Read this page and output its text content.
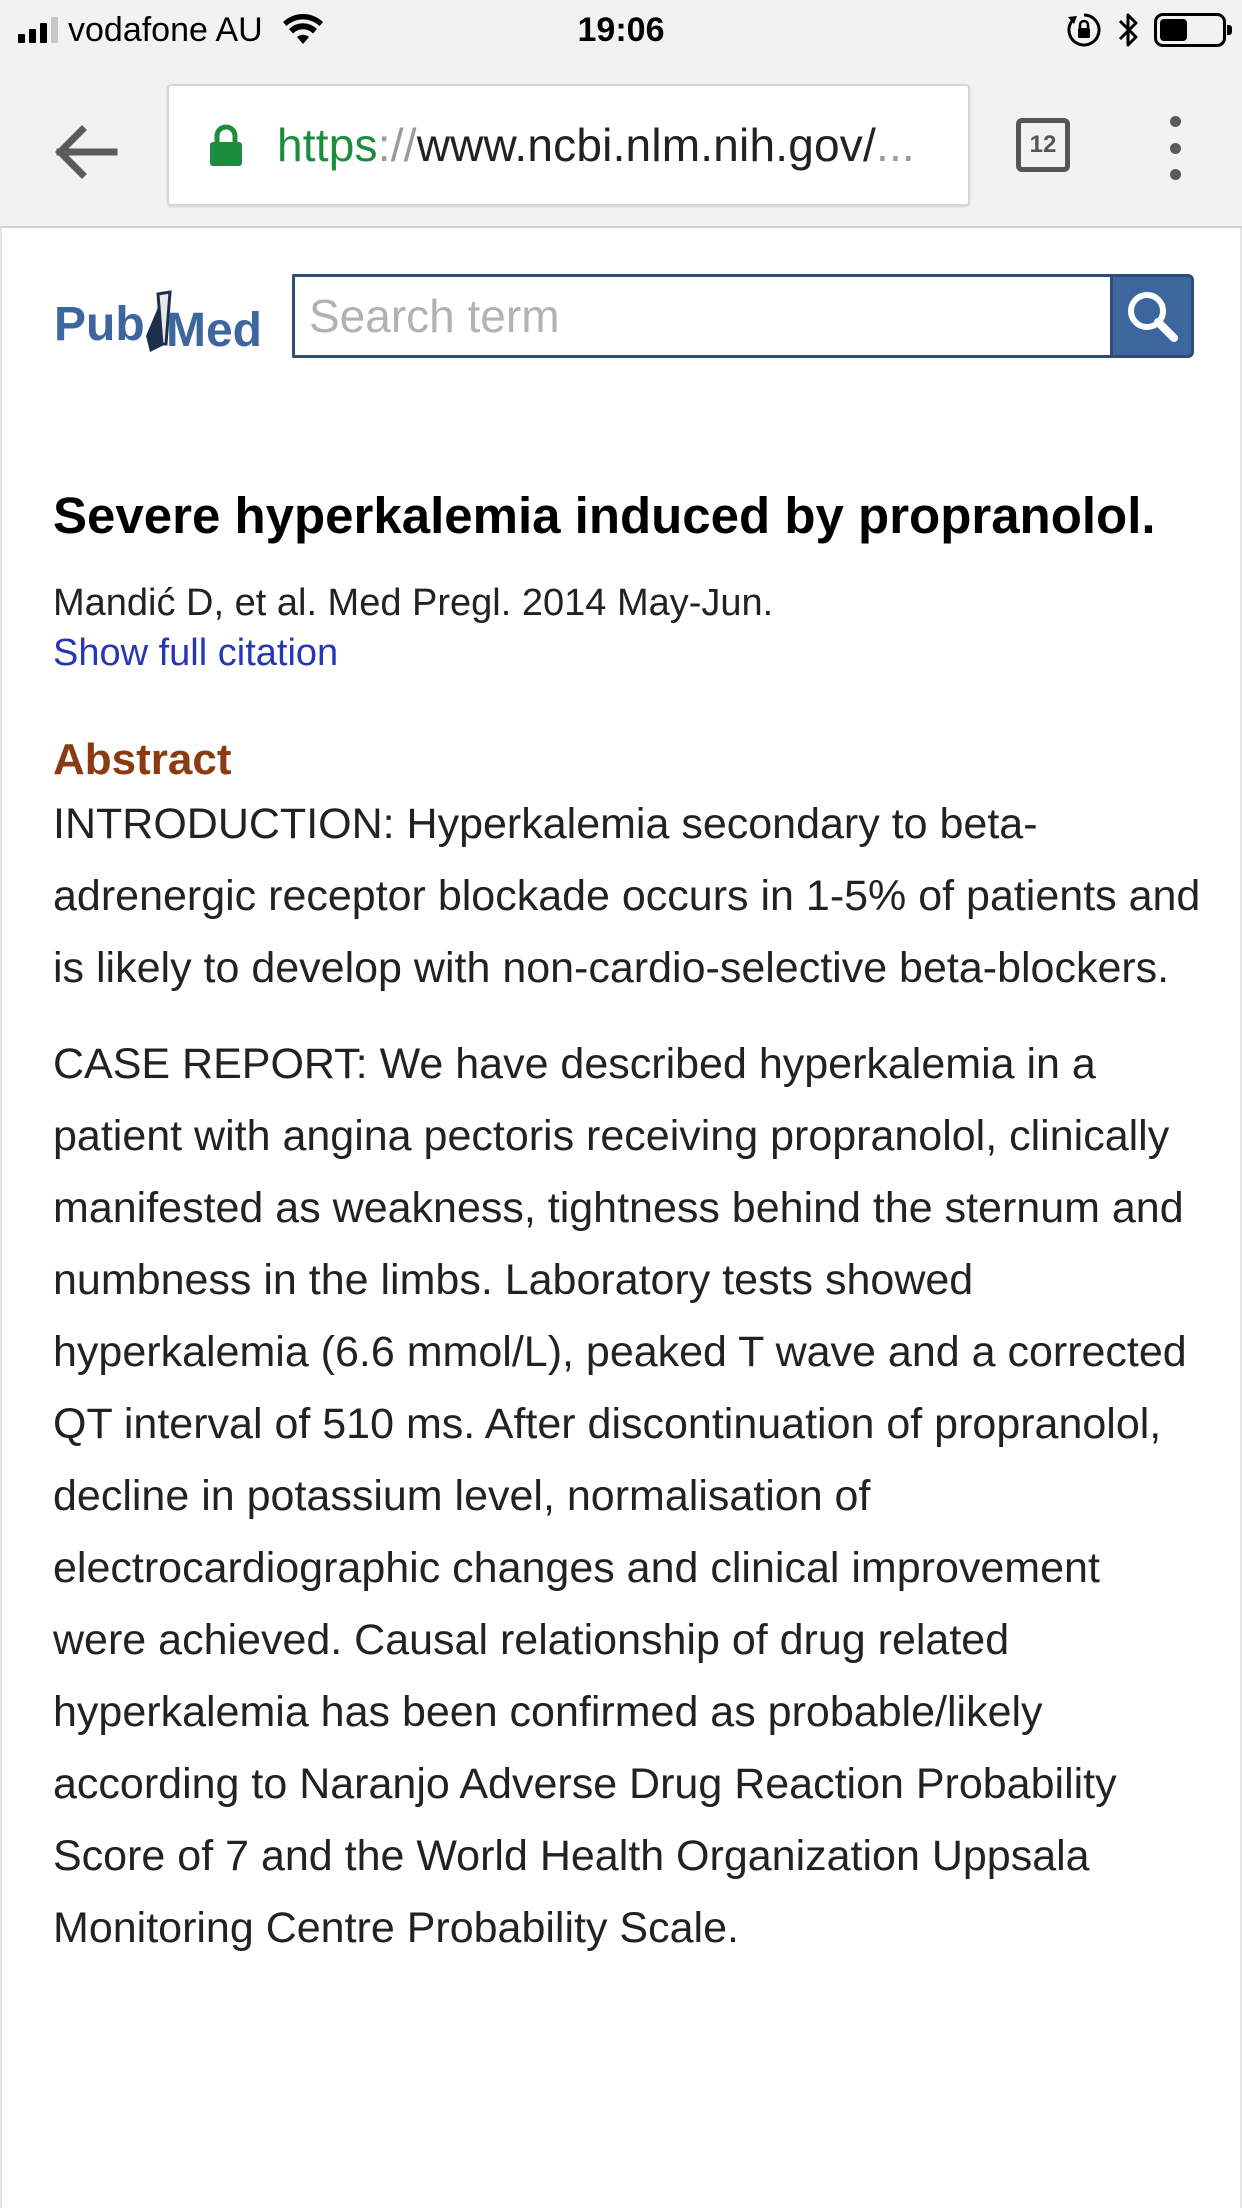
vodafone AU	19:06
https://www.ncbi.nlm.nih.gov/...	12
Pub Med
Search term
Severe hyperkalemia induced by propranolol.
Mandić D, et al. Med Pregl. 2014 May-Jun.
Show full citation
Abstract

INTRODUCTION: Hyperkalemia secondary to beta-adrenergic receptor blockade occurs in 1-5% of patients and is likely to develop with non-cardio-selective beta-blockers.

CASE REPORT: We have described hyperkalemia in a patient with angina pectoris receiving propranolol, clinically manifested as weakness, tightness behind the sternum and numbness in the limbs. Laboratory tests showed hyperkalemia (6.6 mmol/L), peaked T wave and a corrected QT interval of 510 ms. After discontinuation of propranolol, decline in potassium level, normalisation of electrocardiographic changes and clinical improvement were achieved. Causal relationship of drug related hyperkalemia has been confirmed as probable/likely according to Naranjo Adverse Drug Reaction Probability Score of 7 and the World Health Organization Uppsala Monitoring Centre Probability Scale.
